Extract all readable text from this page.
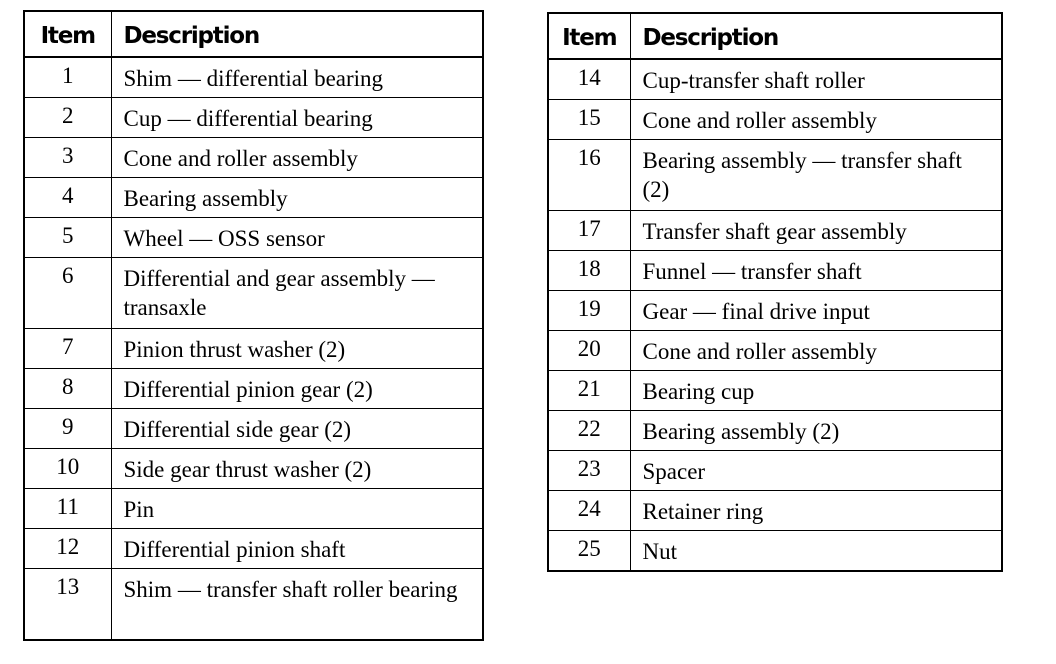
Item	Description
1	Shim — differential bearing
2	Cup — differential bearing
3	Cone and roller assembly
4	Bearing assembly
5	Wheel — OSS sensor
6	Differential and gear assembly — transaxle
7	Pinion thrust washer (2)
8	Differential pinion gear (2)
9	Differential side gear (2)
10	Side gear thrust washer (2)
11	Pin
12	Differential pinion shaft
13	Shim — transfer shaft roller bearing
Item	Description
14	Cup-transfer shaft roller
15	Cone and roller assembly
16	Bearing assembly — transfer shaft (2)
17	Transfer shaft gear assembly
18	Funnel — transfer shaft
19	Gear — final drive input
20	Cone and roller assembly
21	Bearing cup
22	Bearing assembly (2)
23	Spacer
24	Retainer ring
25	Nut
